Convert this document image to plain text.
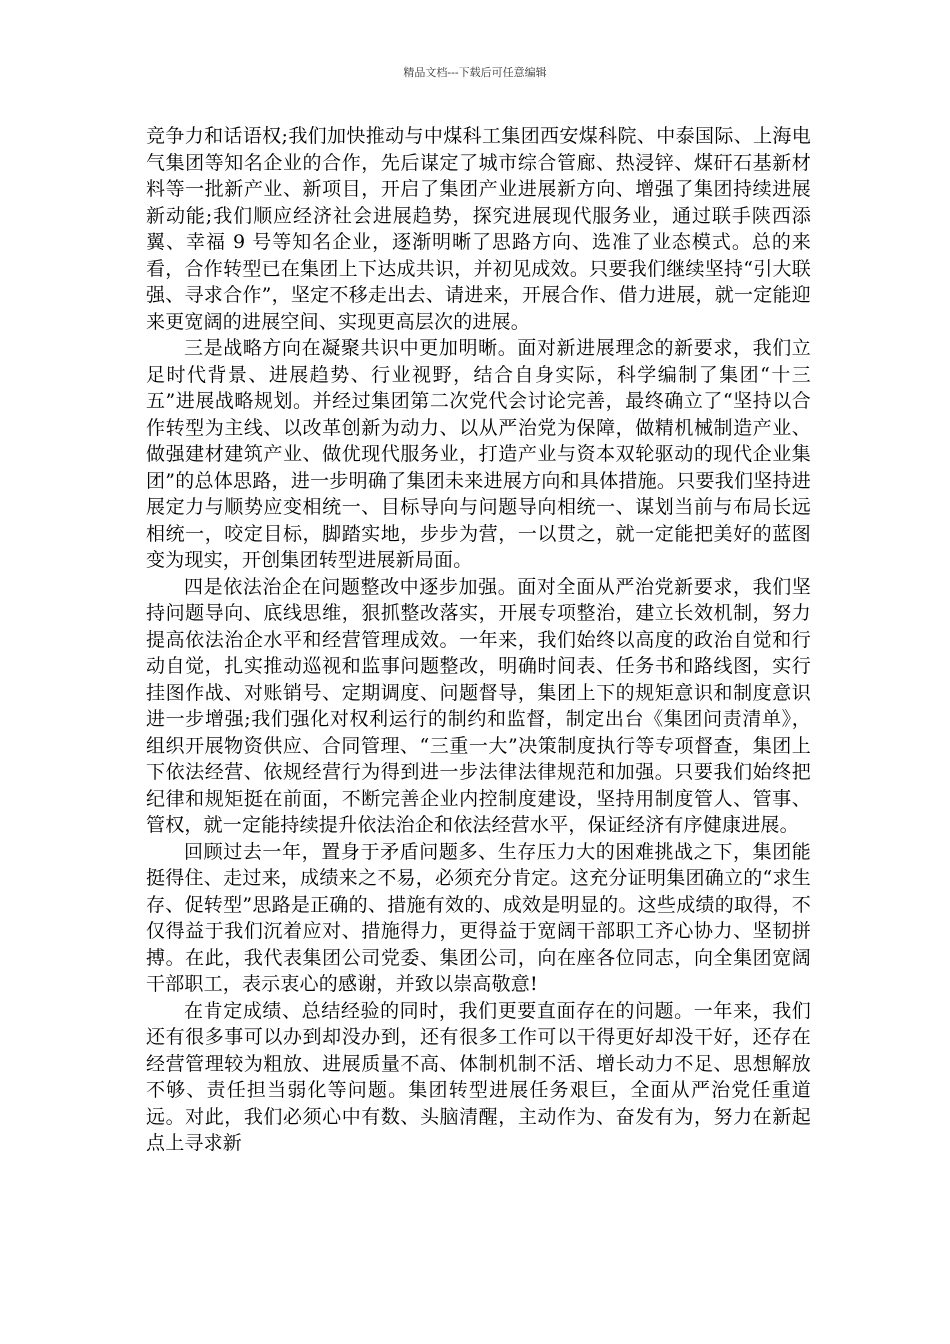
精品文档---下载后可任意编辑

竞争力和话语权;我们加快推动与中煤科工集团西安煤科院、中泰国际、上海电气集团等知名企业的合作，先后谋定了城市综合管廊、热浸锌、煤矸石基新材料等一批新产业、新项目，开启了集团产业进展新方向、增强了集团持续进展新动能;我们顺应经济社会进展趋势，探究进展现代服务业，通过联手陕西添翼、幸福 9 号等知名企业，逐渐明晰了思路方向、选准了业态模式。总的来看，合作转型已在集团上下达成共识，并初见成效。只要我们继续坚持“引大联强、寻求合作”，坚定不移走出去、请进来，开展合作、借力进展，就一定能迎来更宽阔的进展空间、实现更高层次的进展。

三是战略方向在凝聚共识中更加明晰。面对新进展理念的新要求，我们立足时代背景、进展趋势、行业视野，结合自身实际，科学编制了集团“十三五”进展战略规划。并经过集团第二次党代会讨论完善，最终确立了“坚持以合作转型为主线、以改革创新为动力、以从严治党为保障，做精机械制造产业、做强建材建筑产业、做优现代服务业，打造产业与资本双轮驱动的现代企业集团”的总体思路，进一步明确了集团未来进展方向和具体措施。只要我们坚持进展定力与顺势应变相统一、目标导向与问题导向相统一、谋划当前与布局长远相统一，咬定目标，脚踏实地，步步为营，一以贯之，就一定能把美好的蓝图变为现实，开创集团转型进展新局面。

四是依法治企在问题整改中逐步加强。面对全面从严治党新要求，我们坚持问题导向、底线思维，狠抓整改落实，开展专项整治，建立长效机制，努力提高依法治企水平和经营管理成效。一年来，我们始终以高度的政治自觉和行动自觉，扎实推动巡视和监事问题整改，明确时间表、任务书和路线图，实行挂图作战、对账销号、定期调度、问题督导，集团上下的规矩意识和制度意识进一步增强;我们强化对权利运行的制约和监督，制定出台《集团问责清单》，组织开展物资供应、合同管理、“三重一大”决策制度执行等专项督查，集团上下依法经营、依规经营行为得到进一步法律法律规范和加强。只要我们始终把纪律和规矩挺在前面，不断完善企业内控制度建设，坚持用制度管人、管事、管权，就一定能持续提升依法治企和依法经营水平，保证经济有序健康进展。

回顾过去一年，置身于矛盾问题多、生存压力大的困难挑战之下，集团能挺得住、走过来，成绩来之不易，必须充分肯定。这充分证明集团确立的“求生存、促转型”思路是正确的、措施有效的、成效是明显的。这些成绩的取得，不仅得益于我们沉着应对、措施得力，更得益于宽阔干部职工齐心协力、坚韧拼搏。在此，我代表集团公司党委、集团公司，向在座各位同志，向全集团宽阔干部职工，表示衷心的感谢，并致以崇高敬意!

在肯定成绩、总结经验的同时，我们更要直面存在的问题。一年来，我们还有很多事可以办到却没办到，还有很多工作可以干得更好却没干好，还存在经营管理较为粗放、进展质量不高、体制机制不活、增长动力不足、思想解放不够、责任担当弱化等问题。集团转型进展任务艰巨，全面从严治党任重道远。对此，我们必须心中有数、头脑清醒，主动作为、奋发有为，努力在新起点上寻求新
